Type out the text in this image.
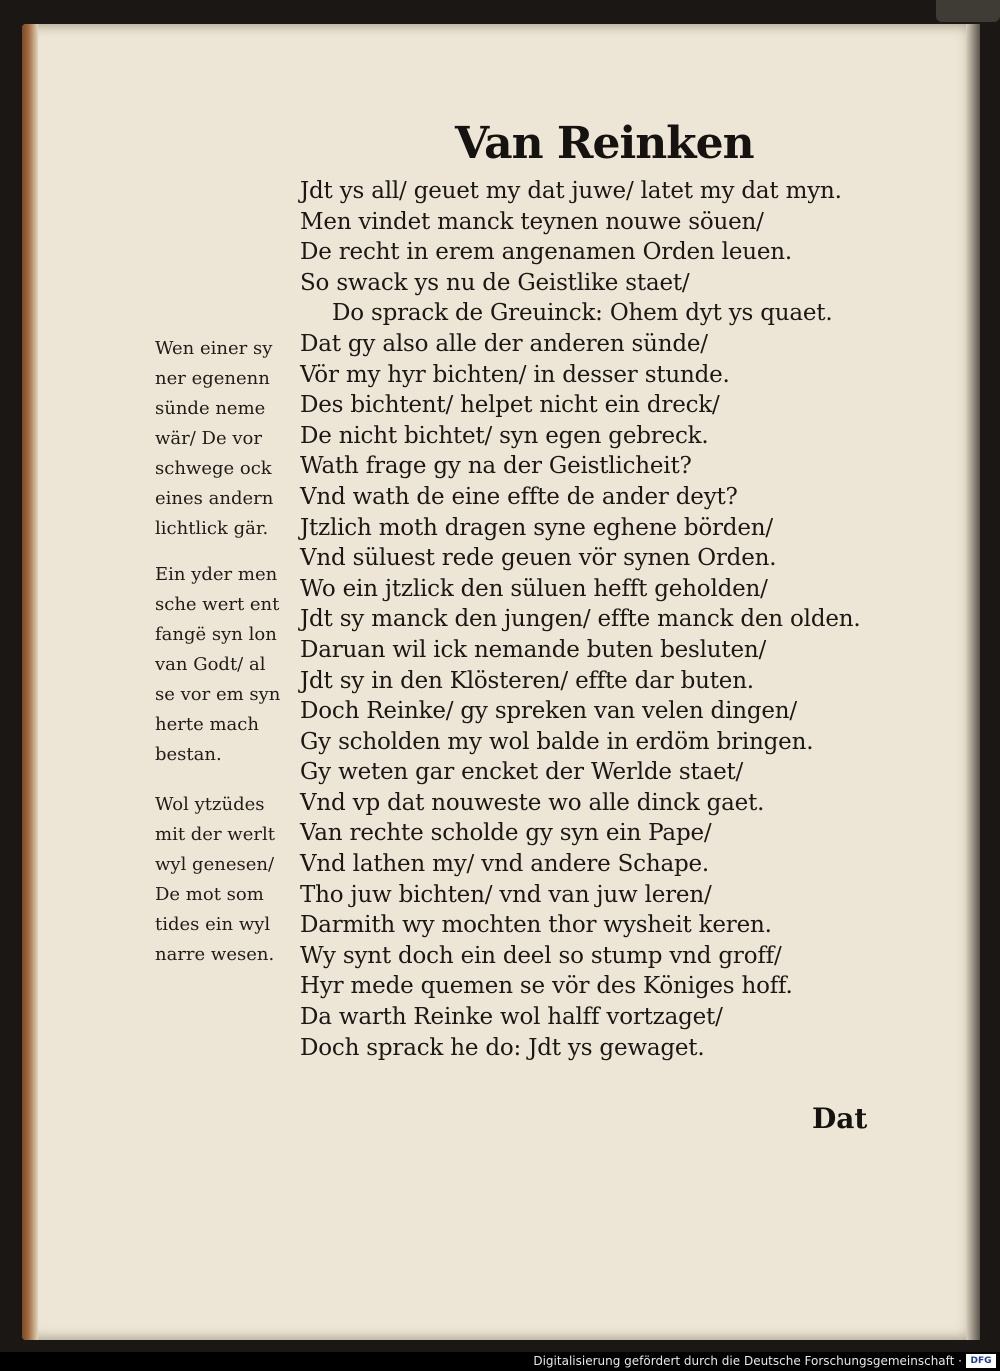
Van Reinken
Jdt ys all/ geuet my dat juwe/ latet my dat myn.
Men vindet manck teynen nouwe söuen/
De recht in erem angenamen Orden leuen.
So swack ys nu de Geistlike staet/
Do sprack de Greuinck: Ohem dyt ys quaet.
Dat gy also alle der anderen sünde/
Vör my hyr bichten/ in desser stunde.
Des bichtent/ helpet nicht ein dreck/
De nicht bichtet/ syn egen gebreck.
Wath frage gy na der Geistlicheit?
Vnd wath de eine effte de ander deyt?
Jtzlich moth dragen syne eghene börden/
Vnd süluest rede geuen vör synen Orden.
Wo ein jtzlick den süluen hefft geholden/
Jdt sy manck den jungen/ effte manck den olden.
Daruan wil ick nemande buten besluten/
Jdt sy in den Klösteren/ effte dar buten.
Doch Reinke/ gy spreken van velen dingen/
Gy scholden my wol balde in erdöm bringen.
Gy weten gar encket der Werlde staet/
Vnd vp dat nouweste wo alle dinck gaet.
Van rechte scholde gy syn ein Pape/
Vnd lathen my/ vnd andere Schape.
Tho juw bichten/ vnd van juw leren/
Darmith wy mochten thor wysheit keren.
Wy synt doch ein deel so stump vnd groff/
Hyr mede quemen se vör des Königes hoff.
Da warth Reinke wol halff vortzaget/
Doch sprack he do: Jdt ys gewaget.
Wen einer sy
ner egenenn
sünde neme
wär/ De vor
schwege ock
eines andern
lichtlick gär.
Ein yder men
sche wert ent
fangë syn lon
van Godt/ al
se vor em syn
herte mach
bestan.
Wol ytzüdes
mit der werlt
wyl genesen/
De mot som
tides ein wyl
narre wesen.
Dat
Digitalisierung gefördert durch die Deutsche Forschungsgemeinschaft · DFG
